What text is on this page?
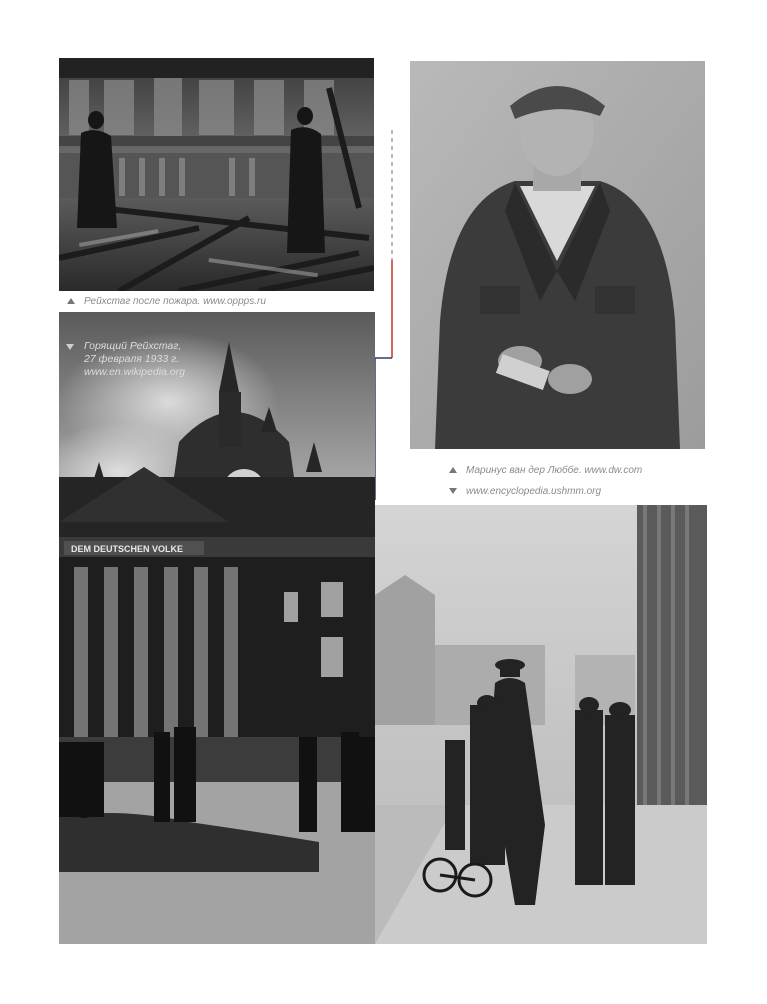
Рейхстаг после пожара. www.oppps.ru
Маринус ван дер Люббе. www.dw.com
www.encyclopedia.ushmm.org
DEM DEUTSCHEN VOLKE
Горящий Рейхстаг,
27 февраля 1933 г.
www.en.wikipedia.org
